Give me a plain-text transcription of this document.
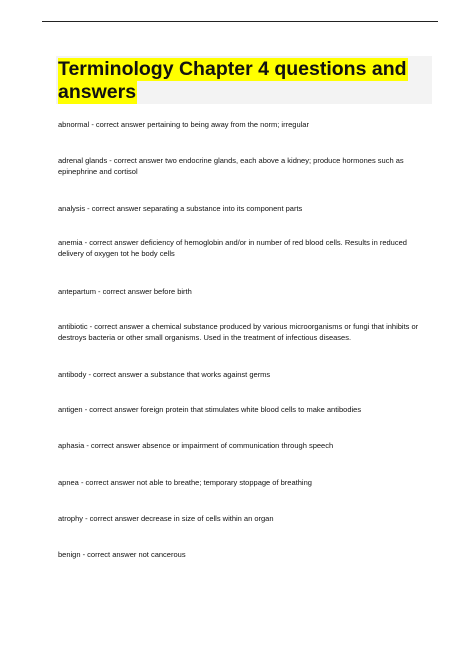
Terminology Chapter 4 questions and
answers

abnormal - correct answer pertaining to being away from the norm; irregular

adrenal glands - correct answer two endocrine glands, each above a kidney; produce hormones such as epinephrine and cortisol

analysis - correct answer separating a substance into its component parts

anemia - correct answer deficiency of hemoglobin and/or in number of red blood cells. Results in reduced delivery of oxygen tot he body cells

antepartum - correct answer before birth

antibiotic - correct answer a chemical substance produced by various microorganisms or fungi that inhibits or destroys bacteria or other small organisms. Used in the treatment of infectious diseases.

antibody - correct answer a substance that works against germs

antigen - correct answer foreign protein that stimulates white blood cells to make antibodies

aphasia - correct answer absence or impairment of communication through speech

apnea - correct answer not able to breathe; temporary stoppage of breathing

atrophy - correct answer decrease in size of cells within an organ

benign - correct answer not cancerous
